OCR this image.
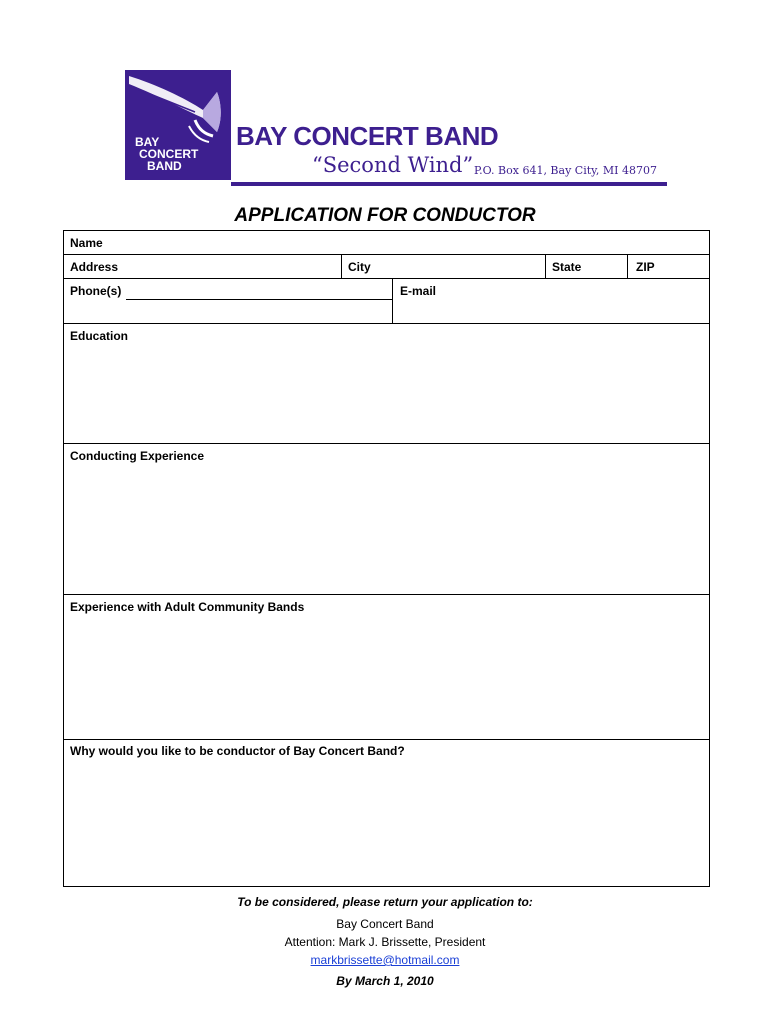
BAY
CONCERT
BAND
BAY CONCERT BAND
“Second Wind” P.O. Box 641, Bay City, MI 48707
APPLICATION FOR CONDUCTOR
Name
Address	City	State	ZIP
Phone(s)	E-mail
Education
Conducting Experience
Experience with Adult Community Bands
Why would you like to be conductor of Bay Concert Band?
To be considered, please return your application to:
Bay Concert Band
Attention: Mark J. Brissette, President
markbrissette@hotmail.com
By March 1, 2010
